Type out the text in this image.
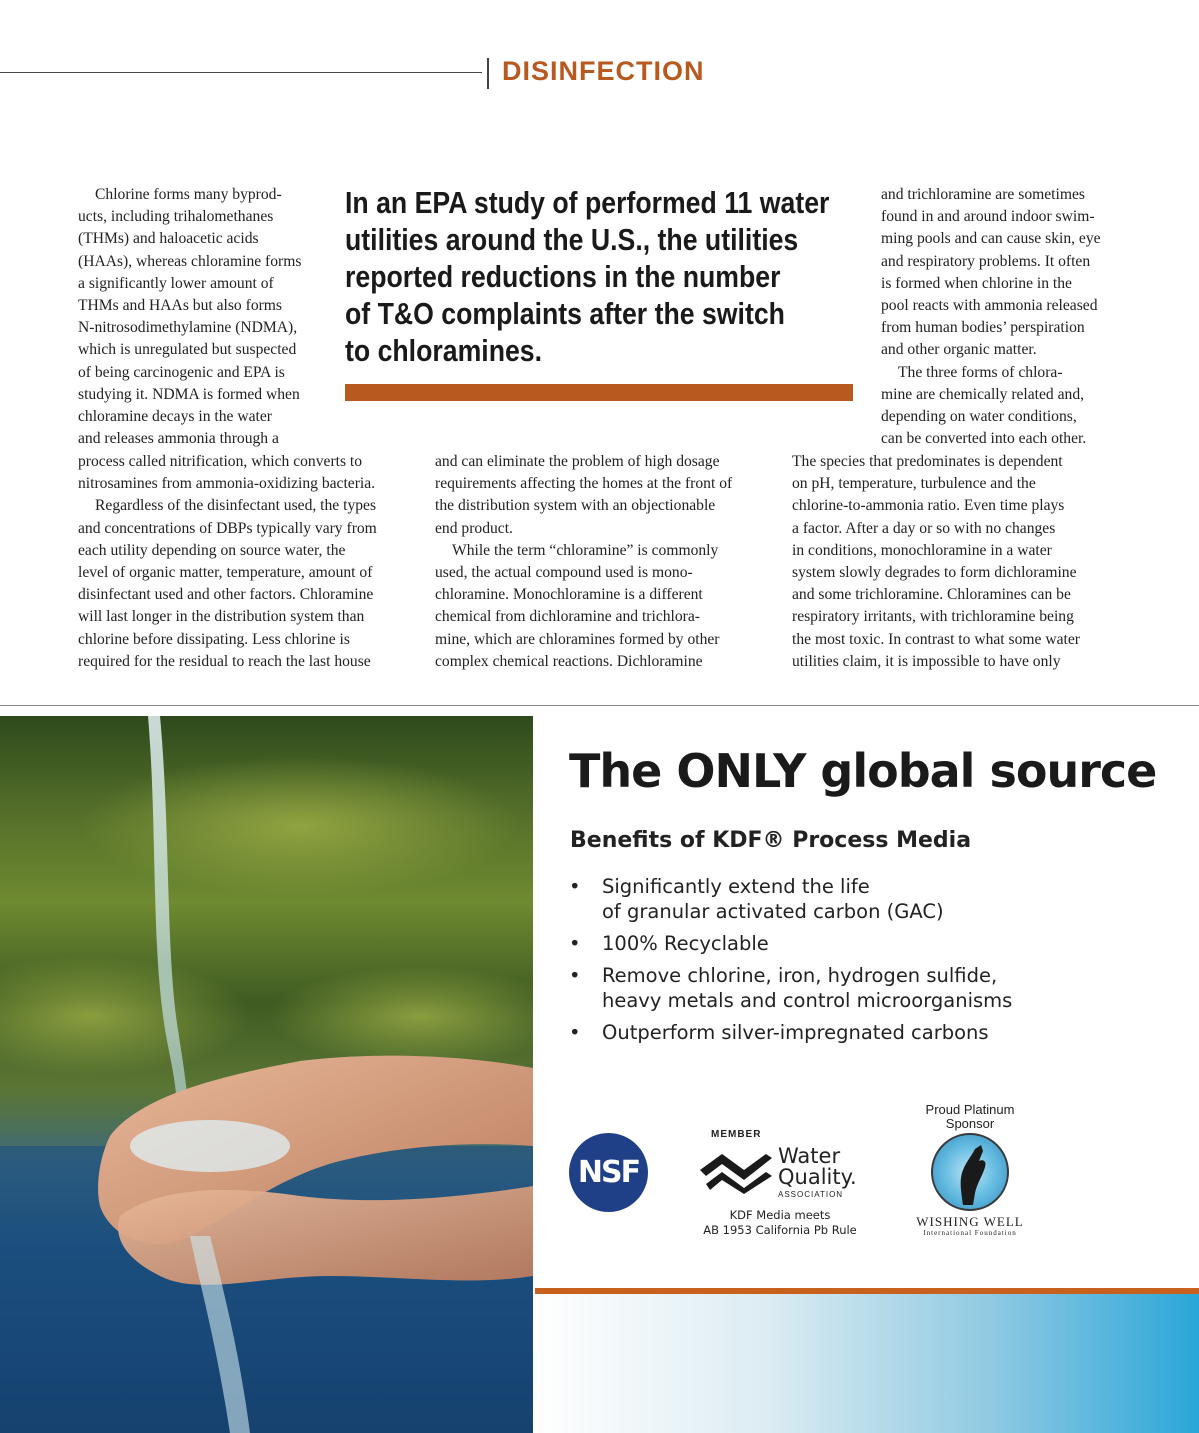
DISINFECTION

Chlorine forms many byprod-

ucts, including trihalomethanes

(THMs) and haloacetic acids

(HAAs), whereas chloramine forms

a significantly lower amount of

THMs and HAAs but also forms

N-nitrosodimethylamine (NDMA),

which is unregulated but suspected

of being carcinogenic and EPA is

studying it. NDMA is formed when

chloramine decays in the water

and releases ammonia through a

process called nitrification, which converts to

nitrosamines from ammonia-oxidizing bacteria.

Regardless of the disinfectant used, the types

and concentrations of DBPs typically vary from

each utility depending on source water, the

level of organic matter, temperature, amount of

disinfectant used and other factors. Chloramine

will last longer in the distribution system than

chlorine before dissipating. Less chlorine is

required for the residual to reach the last house

and can eliminate the problem of high dosage

requirements affecting the homes at the front of

the distribution system with an objectionable

end product.

While the term “chloramine” is commonly

used, the actual compound used is mono-

chloramine. Monochloramine is a different

chemical from dichloramine and trichlora-

mine, which are chloramines formed by other

complex chemical reactions. Dichloramine

and trichloramine are sometimes

found in and around indoor swim-

ming pools and can cause skin, eye

and respiratory problems. It often

is formed when chlorine in the

pool reacts with ammonia released

from human bodies’ perspiration

and other organic matter.

The three forms of chlora-

mine are chemically related and,

depending on water conditions,

can be converted into each other.

The species that predominates is dependent

on pH, temperature, turbulence and the

chlorine-to-ammonia ratio. Even time plays

a factor. After a day or so with no changes

in conditions, monochloramine in a water

system slowly degrades to form dichloramine

and some trichloramine. Chloramines can be

respiratory irritants, with trichloramine being

the most toxic. In contrast to what some water

utilities claim, it is impossible to have only

In an EPA study of performed 11 water
utilities around the U.S., the utilities
reported reductions in the number
of T&O complaints after the switch
to chloramines.
The ONLY global source
Benefits of KDF® Process Media
• Significantly extend the life
of granular activated carbon (GAC)
• 100% Recyclable
• Remove chlorine, iron, hydrogen sulfide,
heavy metals and control microorganisms
• Outperform silver-impregnated carbons
NSF
MEMBER
Water
Quality.
ASSOCIATION
KDF Media meets
AB 1953 California Pb Rule
Proud Platinum
Sponsor
WISHING WELL
International Foundation
